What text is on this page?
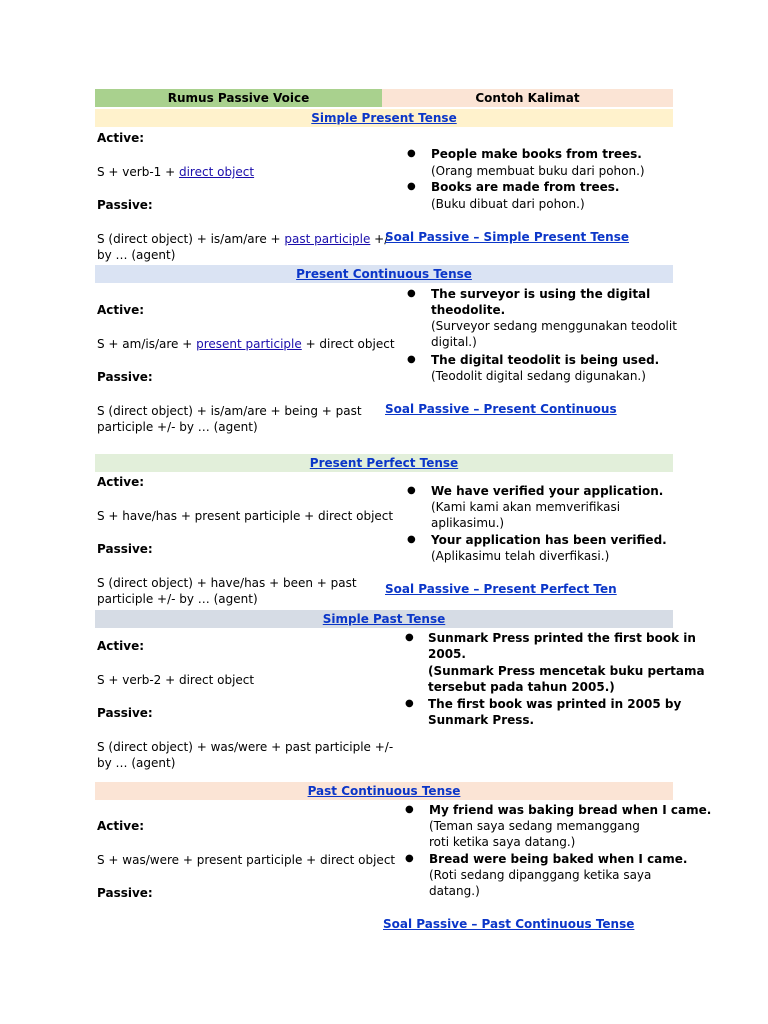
Rumus Passive Voice	Contoh Kalimat
Simple Present Tense
Active:
S + verb-1 + direct object
Passive:
S (direct object) + is/am/are + past participle +/-
by … (agent)
● People make books from trees.
(Orang membuat buku dari pohon.)
● Books are made from trees.
(Buku dibuat dari pohon.)
Soal Passive – Simple Present Tense
Present Continuous Tense
Active:
S + am/is/are + present participle + direct object
Passive:
S (direct object) + is/am/are + being + past
participle +/- by … (agent)
● The surveyor is using the digital
theodolite.
(Surveyor sedang menggunakan teodolit
digital.)
● The digital teodolit is being used.
(Teodolit digital sedang digunakan.)
Soal Passive – Present Continuous
Present Perfect Tense
Active:
S + have/has + present participle + direct object
Passive:
S (direct object) + have/has + been + past
participle +/- by … (agent)
● We have verified your application.
(Kami kami akan memverifikasi
aplikasimu.)
● Your application has been verified.
(Aplikasimu telah diverfikasi.)
Soal Passive – Present Perfect Ten
Simple Past Tense
Active:
S + verb-2 + direct object
Passive:
S (direct object) + was/were + past participle +/-
by … (agent)
● Sunmark Press printed the first book in
2005.
(Sunmark Press mencetak buku pertama
tersebut pada tahun 2005.)
● The first book was printed in 2005 by
Sunmark Press.
Past Continuous Tense
Active:
S + was/were + present participle + direct object
Passive:
● My friend was baking bread when I came.
(Teman saya sedang memanggang
roti ketika saya datang.)
● Bread were being baked when I came.
(Roti sedang dipanggang ketika saya
datang.)
Soal Passive – Past Continuous Tense
